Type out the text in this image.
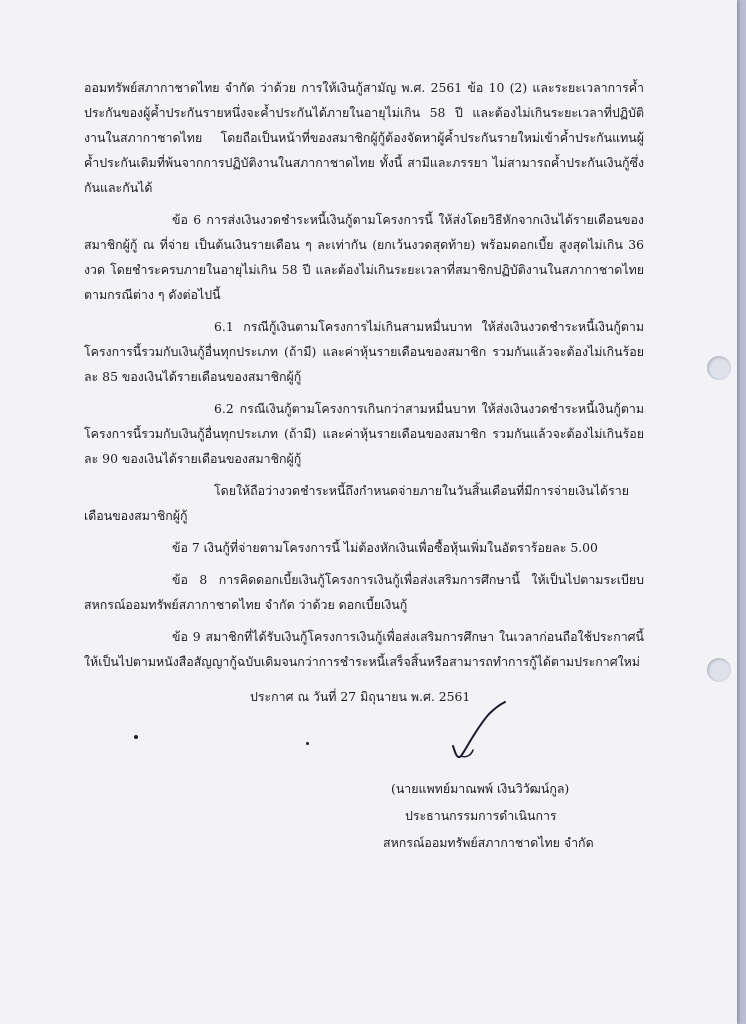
ออมทรัพย์สภากาชาดไทย จำกัด ว่าด้วย การให้เงินกู้สามัญ พ.ศ. 2561 ข้อ 10 (2) และระยะเวลาการค้ำประกันของผู้ค้ำประกันรายหนึ่งจะค้ำประกันได้ภายในอายุไม่เกิน 58 ปี และต้องไม่เกินระยะเวลาที่ปฏิบัติงานในสภากาชาดไทย โดยถือเป็นหน้าที่ของสมาชิกผู้กู้ต้องจัดหาผู้ค้ำประกันรายใหม่เข้าค้ำประกันแทนผู้ค้ำประกันเดิมที่พ้นจากการปฏิบัติงานในสภากาชาดไทย ทั้งนี้ สามีและภรรยา ไม่สามารถค้ำประกันเงินกู้ซึ่งกันและกันได้

ข้อ 6 การส่งเงินงวดชำระหนี้เงินกู้ตามโครงการนี้ ให้ส่งโดยวิธีหักจากเงินได้รายเดือนของสมาชิกผู้กู้ ณ ที่จ่าย เป็นต้นเงินรายเดือน ๆ ละเท่ากัน (ยกเว้นงวดสุดท้าย) พร้อมดอกเบี้ย สูงสุดไม่เกิน 36 งวด โดยชำระครบภายในอายุไม่เกิน 58 ปี และต้องไม่เกินระยะเวลาที่สมาชิกปฏิบัติงานในสภากาชาดไทย ตามกรณีต่าง ๆ ดังต่อไปนี้

6.1 กรณีกู้เงินตามโครงการไม่เกินสามหมื่นบาท ให้ส่งเงินงวดชำระหนี้เงินกู้ตามโครงการนี้รวมกับเงินกู้อื่นทุกประเภท (ถ้ามี) และค่าหุ้นรายเดือนของสมาชิก รวมกันแล้วจะต้องไม่เกินร้อยละ 85 ของเงินได้รายเดือนของสมาชิกผู้กู้

6.2 กรณีเงินกู้ตามโครงการเกินกว่าสามหมื่นบาท ให้ส่งเงินงวดชำระหนี้เงินกู้ตามโครงการนี้รวมกับเงินกู้อื่นทุกประเภท (ถ้ามี) และค่าหุ้นรายเดือนของสมาชิก รวมกันแล้วจะต้องไม่เกินร้อยละ 90 ของเงินได้รายเดือนของสมาชิกผู้กู้

โดยให้ถือว่างวดชำระหนี้ถึงกำหนดจ่ายภายในวันสิ้นเดือนที่มีการจ่ายเงินได้รายเดือนของสมาชิกผู้กู้

ข้อ 7 เงินกู้ที่จ่ายตามโครงการนี้ ไม่ต้องหักเงินเพื่อซื้อหุ้นเพิ่มในอัตราร้อยละ 5.00

ข้อ 8 การคิดดอกเบี้ยเงินกู้โครงการเงินกู้เพื่อส่งเสริมการศึกษานี้ ให้เป็นไปตามระเบียบสหกรณ์ออมทรัพย์สภากาชาดไทย จำกัด ว่าด้วย ดอกเบี้ยเงินกู้

ข้อ 9 สมาชิกที่ได้รับเงินกู้โครงการเงินกู้เพื่อส่งเสริมการศึกษา ในเวลาก่อนถือใช้ประกาศนี้ ให้เป็นไปตามหนังสือสัญญากู้ฉบับเดิมจนกว่าการชำระหนี้เสร็จสิ้นหรือสามารถทำการกู้ได้ตามประกาศใหม่

ประกาศ ณ วันที่ 27 มิถุนายน พ.ศ. 2561
(นายแพทย์มาณพพ์ เงินวิวัฒน์กูล)
ประธานกรรมการดำเนินการ
สหกรณ์ออมทรัพย์สภากาชาดไทย จำกัด
